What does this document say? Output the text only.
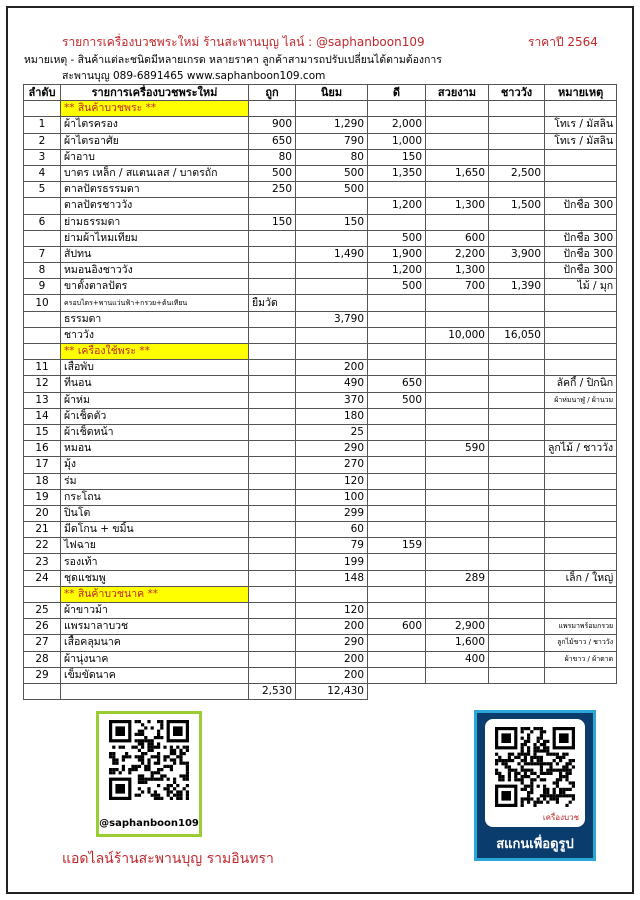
รายการเครื่องบวชพระใหม่ ร้านสะพานบุญ ไลน์ : @saphanboon109	ราคาปี 2564
หมายเหตุ - สินค้าแต่ละชนิดมีหลายเกรด หลายราคา ลูกค้าสามารถปรับเปลี่ยนได้ตามต้องการ
สะพานบุญ 089-6891465 www.saphanboon109.com
ลำดับ	รายการเครื่องบวชพระใหม่	ถูก	นิยม	ดี	สวยงาม	ชาววัง	หมายเหตุ
	** สินค้าบวชพระ **						
1	ผ้าไตรครอง	900	1,290	2,000			โทเร / มัสลิน
2	ผ้าไตรอาศัย	650	790	1,000			โทเร / มัสลิน
3	ผ้าอาบ	80	80	150			
4	บาตร เหล็ก / สแตนเลส / บาตรถัก	500	500	1,350	1,650	2,500	
5	ตาลปัตรธรรมดา	250	500				
	ตาลปัตรชาววัง			1,200	1,300	1,500	ปักชื่อ 300
6	ย่ามธรรมดา	150	150				
	ย่ามผ้าไหมเทียม			500	600		ปักชื่อ 300
7	สัปทน		1,490	1,900	2,200	3,900	ปักชื่อ 300
8	หมอนอิงชาววัง			1,200	1,300		ปักชื่อ 300
9	ขาตั้งตาลปัตร			500	700	1,390	ไม้ / มุก
10	ครอบไตร+พานแว่นฟ้า+กรวย+ต้นเทียน	ยืมวัด					
	ธรรมดา		3,790				
	ชาววัง				10,000	16,050	
	** เครื่องใช้พระ **						
11	เสื่อพับ		200				
12	ที่นอน		490	650			ลัคกี้ / ปิกนิก
13	ผ้าห่ม		370	500			ผ้าห่มนาฬู / ผ้านวม
14	ผ้าเช็ดตัว		180				
15	ผ้าเช็ดหน้า		25				
16	หมอน		290		590		ลูกไม้ / ชาววัง
17	มุ้ง		270				
18	ร่ม		120				
19	กระโถน		100				
20	ปิ่นโต		299				
21	มีดโกน + ขมิ้น		60				
22	ไฟฉาย		79	159			
23	รองเท้า		199				
24	ชุดแชมพู		148		289		เล็ก / ใหญ่
	** สินค้าบวชนาค **						
25	ผ้าขาวม้า		120				
26	แพรมาลาบวช		200	600	2,900		แพรมาพร้อมกรวย
27	เสื้อคลุมนาค		290		1,600		ลูกไม้ขาว / ชาววัง
28	ผ้านุ่งนาค		200		400		ผ้าขาว / ผ้าตาด
29	เข็มขัดนาค		200				
		2,530	12,430				
@saphanboon109
เครื่องบวช
สแกนเพื่อดูรูป
แอดไลน์ร้านสะพานบุญ รามอินทรา
